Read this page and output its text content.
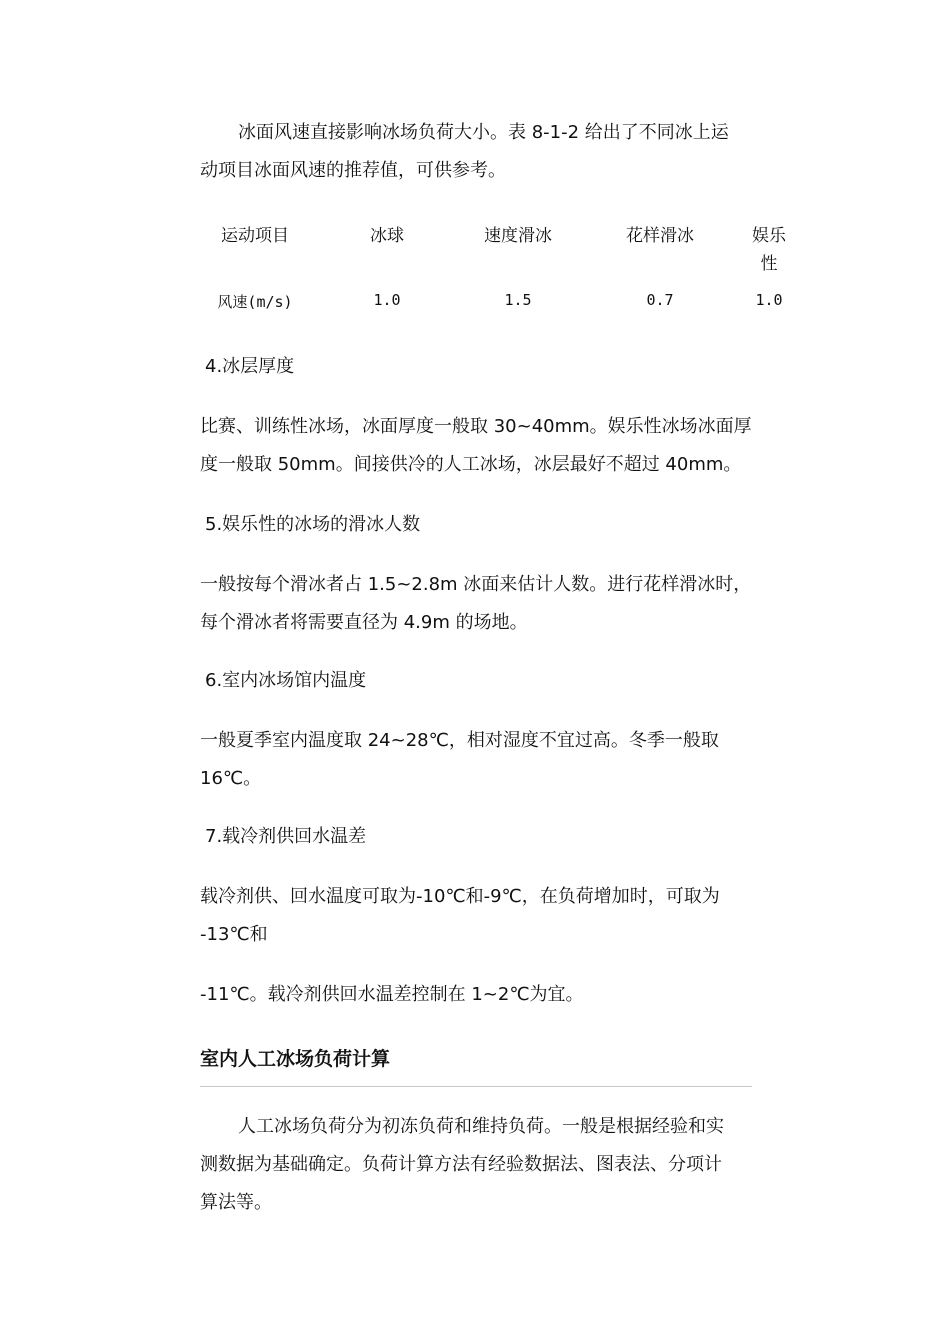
冰面风速直接影响冰场负荷大小。表 8-1-2 给出了不同冰上运

动项目冰面风速的推荐值，可供参考。

运动项目	冰球	速度滑冰	花样滑冰	娱乐
性
风速(m/s)	1.0	1.5	0.7	1.0
4.冰层厚度

比赛、训练性冰场，冰面厚度一般取 30~40mm。娱乐性冰场冰面厚

度一般取 50mm。间接供冷的人工冰场，冰层最好不超过 40mm。

5.娱乐性的冰场的滑冰人数

一般按每个滑冰者占 1.5~2.8m 冰面来估计人数。进行花样滑冰时，

每个滑冰者将需要直径为 4.9m 的场地。

6.室内冰场馆内温度

一般夏季室内温度取 24~28℃，相对湿度不宜过高。冬季一般取

16℃。

7.载冷剂供回水温差

载冷剂供、回水温度可取为-10℃和-9℃，在负荷增加时，可取为

-13℃和

-11℃。载冷剂供回水温差控制在 1~2℃为宜。

室内人工冰场负荷计算

人工冰场负荷分为初冻负荷和维持负荷。一般是根据经验和实

测数据为基础确定。负荷计算方法有经验数据法、图表法、分项计

算法等。
